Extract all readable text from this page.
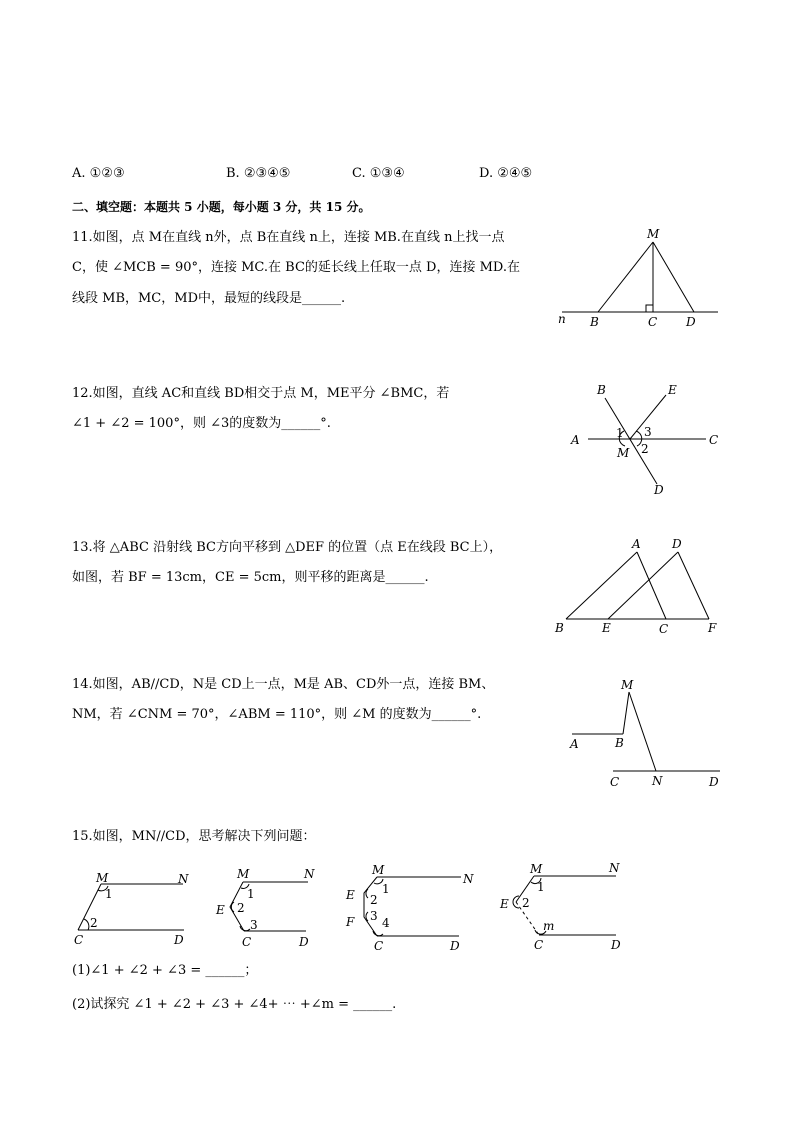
A. ①②③	B. ②③④⑤	C. ①③④	D. ②④⑤
二、填空题：本题共 5 小题，每小题 3 分，共 15 分。
11.如图，点 M在直线 n外，点 B在直线 n上，连接 MB.在直线 n上找一点
C，使 ∠MCB = 90°，连接 MC.在 BC的延长线上任取一点 D，连接 MD.在
线段 MB，MC，MD中，最短的线段是______.
M
n B	C D
12.如图，直线 AC和直线 BD相交于点 M，ME平分 ∠BMC，若
∠1 + ∠2 = 100°，则 ∠3的度数为______°.
B	E
A	C
M
D
1 3
2
13.将 △ABC 沿射线 BC方向平移到 △DEF 的位置（点 E在线段 BC上），
如图，若 BF = 13cm，CE = 5cm，则平移的距离是______.
A	D
B	E	C	F
14.如图，AB//CD，N是 CD上一点，M是 AB、CD外一点，连接 BM、
NM，若 ∠CNM = 70°，∠ABM = 110°，则 ∠M 的度数为______°.
M
A	B
C	N	D
15.如图，MN//CD，思考解决下列问题：
M	N
C	D
1
2
M	N
E
C	D
1
2
3
M
N
E
F
C	D
1
2
3 4
M	N
E
C	D
1
2
m
(1)∠1 + ∠2 + ∠3 = ______；
(2)试探究 ∠1 + ∠2 + ∠3 + ∠4+ ⋯ +∠m = ______.
